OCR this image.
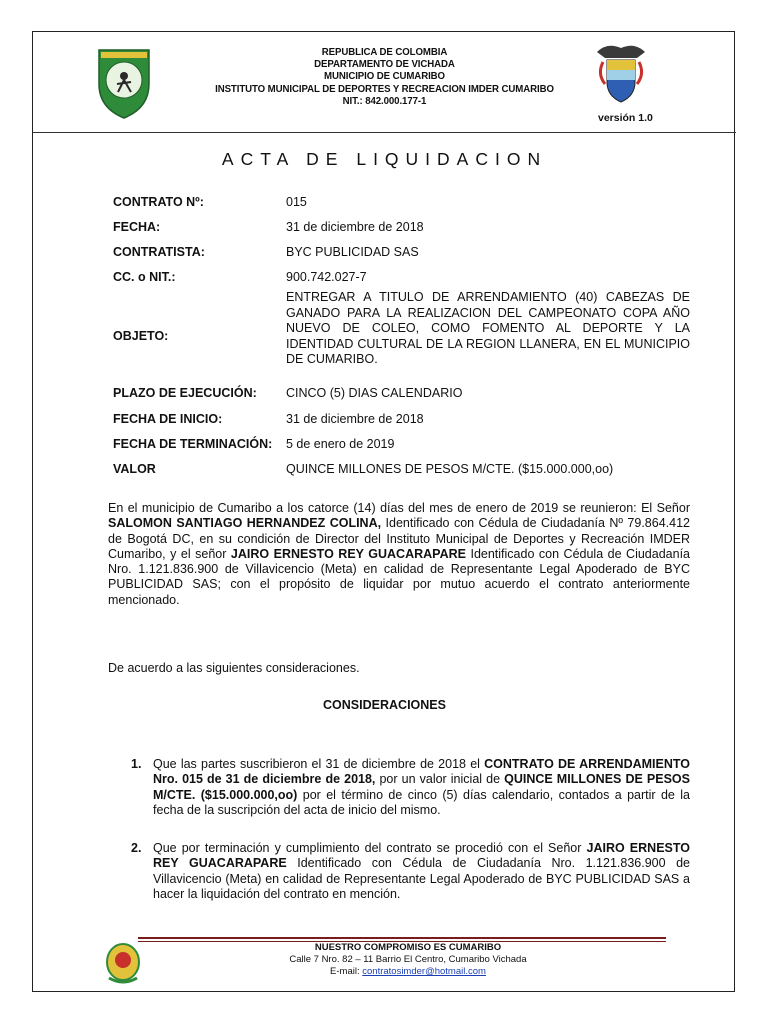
REPUBLICA DE COLOMBIA
DEPARTAMENTO DE VICHADA
MUNICIPIO DE CUMARIBO
INSTITUTO MUNICIPAL DE DEPORTES Y RECREACION IMDER CUMARIBO
NIT.: 842.000.177-1
versión 1.0
ACTA DE LIQUIDACION
CONTRATO Nº:	015
FECHA:	31 de diciembre de 2018
CONTRATISTA:	BYC PUBLICIDAD SAS
CC. o NIT.:	900.742.027-7
OBJETO:
ENTREGAR A TITULO DE ARRENDAMIENTO (40) CABEZAS DE GANADO PARA LA REALIZACION DEL CAMPEONATO COPA AÑO NUEVO DE COLEO, COMO FOMENTO AL DEPORTE Y LA IDENTIDAD CULTURAL DE LA REGION LLANERA, EN EL MUNICIPIO DE CUMARIBO.
PLAZO DE EJECUCIÓN: CINCO (5) DIAS CALENDARIO
FECHA DE INICIO:	31 de diciembre de 2018
FECHA DE TERMINACIÓN: 5 de enero de 2019
VALOR	QUINCE MILLONES DE PESOS M/CTE. ($15.000.000,oo)
En el municipio de Cumaribo a los catorce (14) días del mes de enero de 2019 se reunieron: El Señor SALOMON SANTIAGO HERNANDEZ COLINA, Identificado con Cédula de Ciudadanía Nº 79.864.412 de Bogotá DC, en su condición de Director del Instituto Municipal de Deportes y Recreación IMDER Cumaribo, y el señor JAIRO ERNESTO REY GUACARAPARE Identificado con Cédula de Ciudadanía Nro. 1.121.836.900 de Villavicencio (Meta) en calidad de Representante Legal Apoderado de BYC PUBLICIDAD SAS; con el propósito de liquidar por mutuo acuerdo el contrato anteriormente mencionado.
De acuerdo a las siguientes consideraciones.
CONSIDERACIONES
1. Que las partes suscribieron el 31 de diciembre de 2018 el CONTRATO DE ARRENDAMIENTO Nro. 015 de 31 de diciembre de 2018, por un valor inicial de QUINCE MILLONES DE PESOS M/CTE. ($15.000.000,oo) por el término de cinco (5) días calendario, contados a partir de la fecha de la suscripción del acta de inicio del mismo.
2. Que por terminación y cumplimiento del contrato se procedió con el Señor JAIRO ERNESTO REY GUACARAPARE Identificado con Cédula de Ciudadanía Nro. 1.121.836.900 de Villavicencio (Meta) en calidad de Representante Legal Apoderado de BYC PUBLICIDAD SAS a hacer la liquidación del contrato en mención.
NUESTRO COMPROMISO ES CUMARIBO
Calle 7 Nro. 82 – 11 Barrio El Centro, Cumaribo Vichada
E-mail: contratosimder@hotmail.com
